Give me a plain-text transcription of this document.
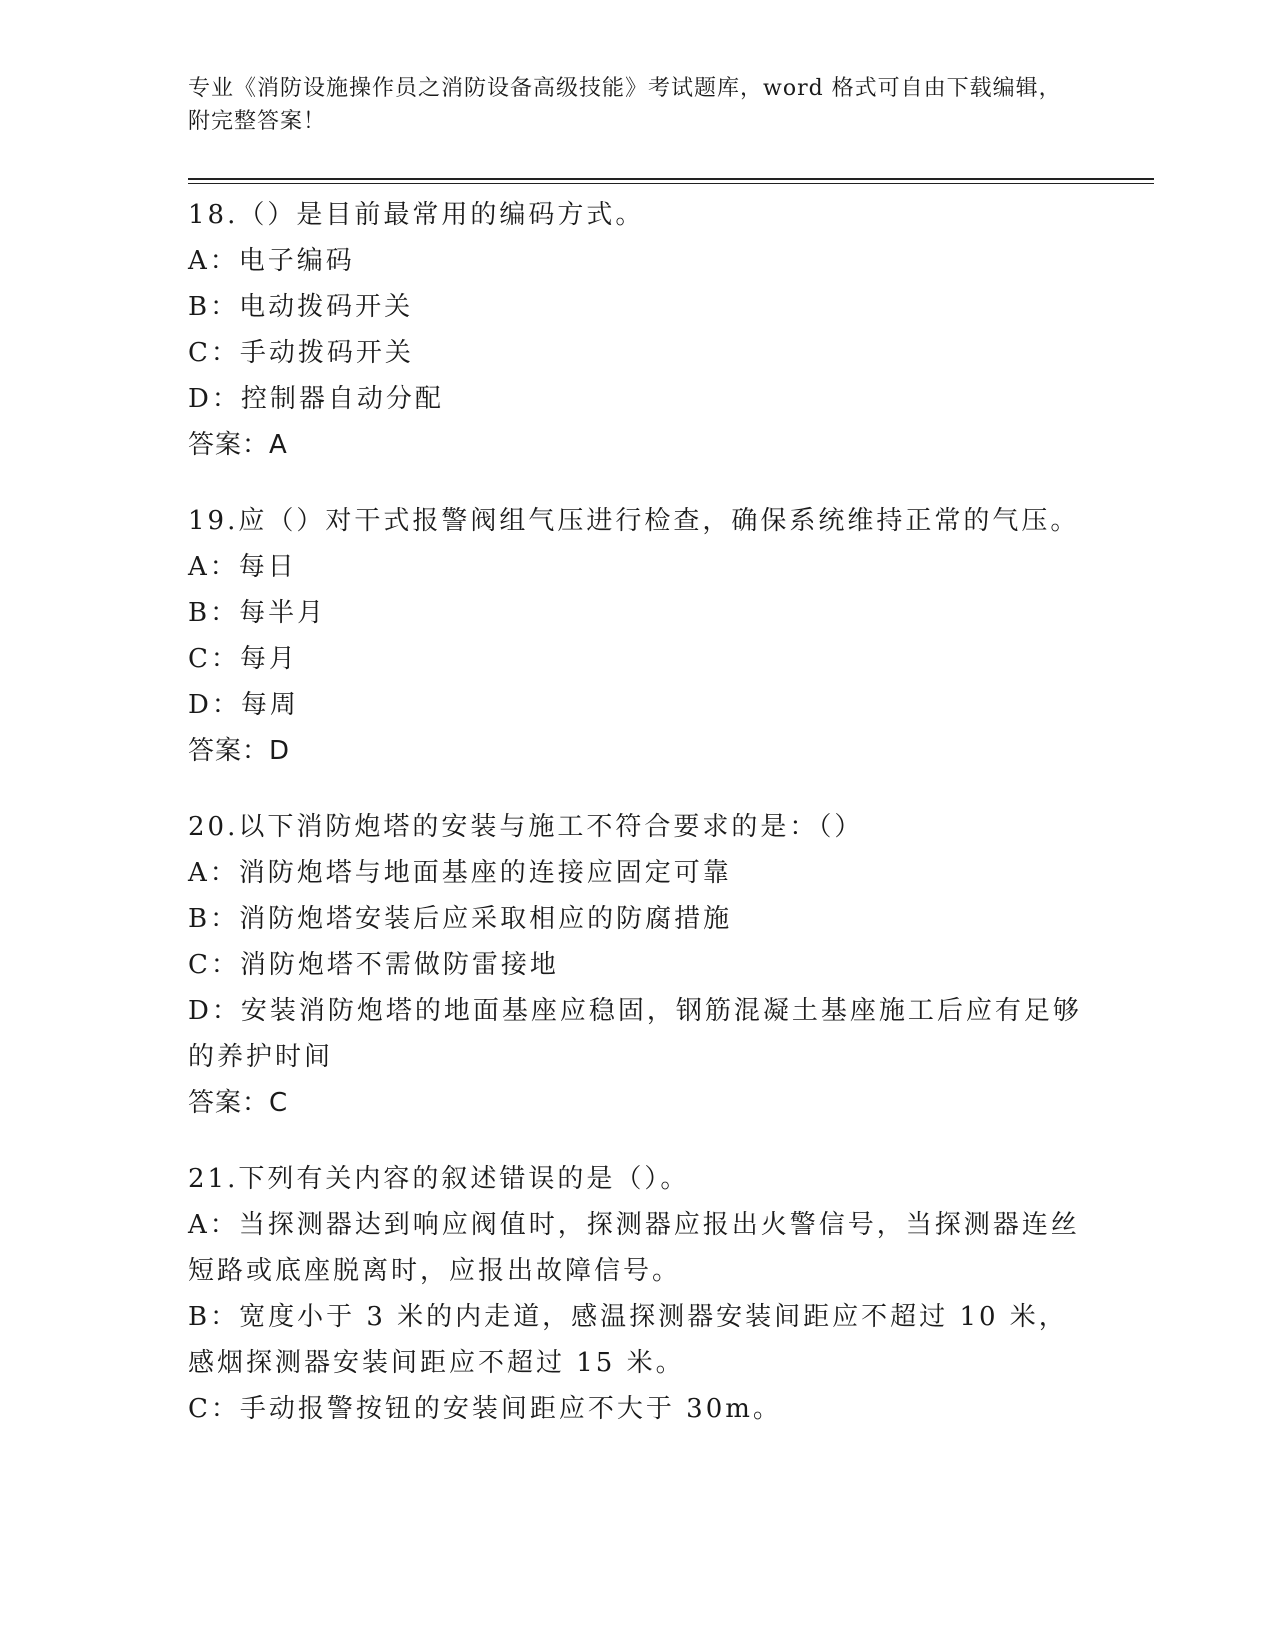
专业《消防设施操作员之消防设备高级技能》考试题库，word 格式可自由下载编辑，附完整答案！
18.（）是目前最常用的编码方式。
A：电子编码
B：电动拨码开关
C：手动拨码开关
D：控制器自动分配
答案：A
19.应（）对干式报警阀组气压进行检查，确保系统维持正常的气压。
A：每日
B：每半月
C：每月
D：每周
答案：D
20.以下消防炮塔的安装与施工不符合要求的是：（）
A：消防炮塔与地面基座的连接应固定可靠
B：消防炮塔安装后应采取相应的防腐措施
C：消防炮塔不需做防雷接地
D：安装消防炮塔的地面基座应稳固，钢筋混凝土基座施工后应有足够的养护时间
答案：C
21.下列有关内容的叙述错误的是（）。
A：当探测器达到响应阀值时，探测器应报出火警信号，当探测器连丝短路或底座脱离时，应报出故障信号。
B：宽度小于 3 米的内走道，感温探测器安装间距应不超过 10 米，感烟探测器安装间距应不超过 15 米。
C：手动报警按钮的安装间距应不大于 30m。
